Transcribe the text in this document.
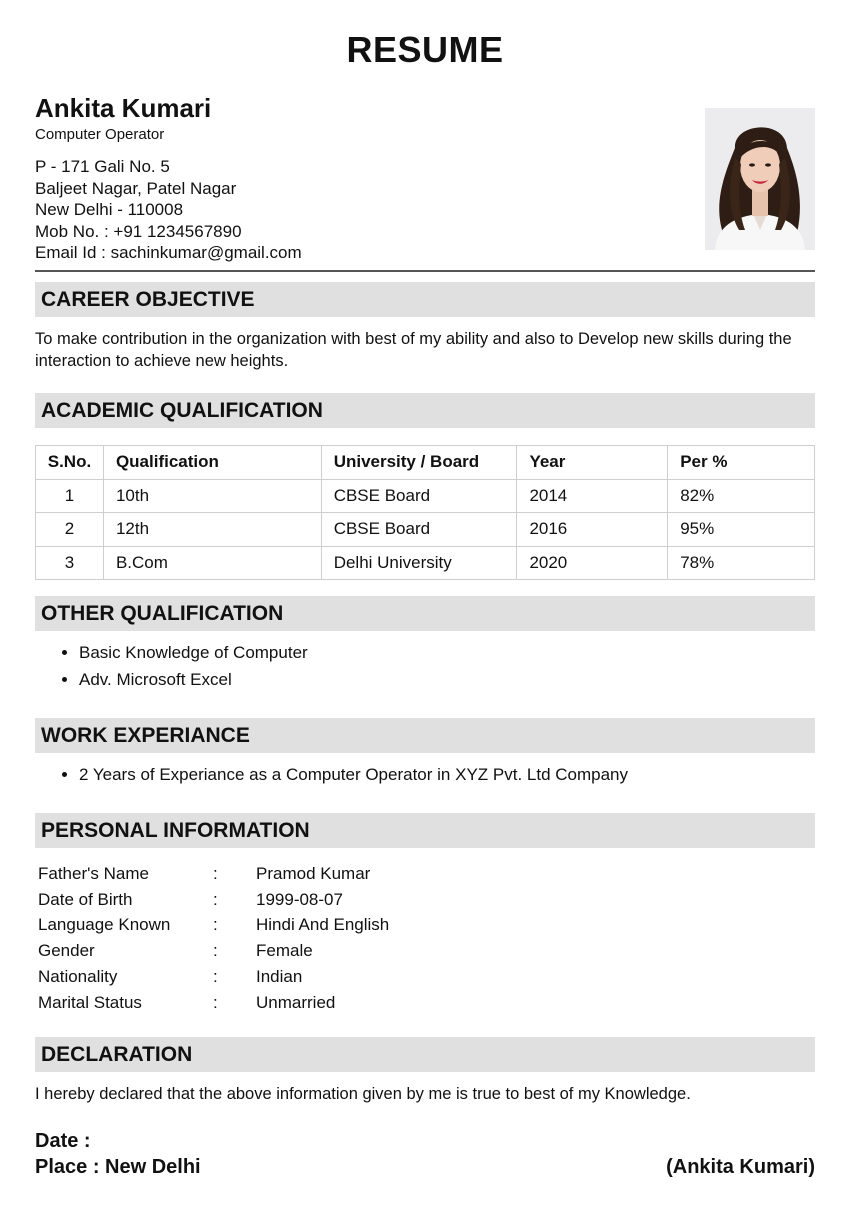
RESUME
Ankita Kumari
Computer Operator
P - 171 Gali No. 5
Baljeet Nagar, Patel Nagar
New Delhi - 110008
Mob No. : +91 1234567890
Email Id : sachinkumar@gmail.com
CAREER OBJECTIVE
To make contribution in the organization with best of my ability and also to Develop new skills during the interaction to achieve new heights.
ACADEMIC QUALIFICATION
S.No.	Qualification	University / Board	Year	Per %
1	10th	CBSE Board	2014	82%
2	12th	CBSE Board	2016	95%
3	B.Com	Delhi University	2020	78%
OTHER QUALIFICATION
• Basic Knowledge of Computer
• Adv. Microsoft Excel
WORK EXPERIANCE
• 2 Years of Experiance as a Computer Operator in XYZ Pvt. Ltd Company
PERSONAL INFORMATION
Father's Name	:	Pramod Kumar
Date of Birth	:	1999-08-07
Language Known	:	Hindi And English
Gender	:	Female
Nationality	:	Indian
Marital Status	:	Unmarried
DECLARATION
I hereby declared that the above information given by me is true to best of my Knowledge.
Date :
Place : New Delhi	(Ankita Kumari)
